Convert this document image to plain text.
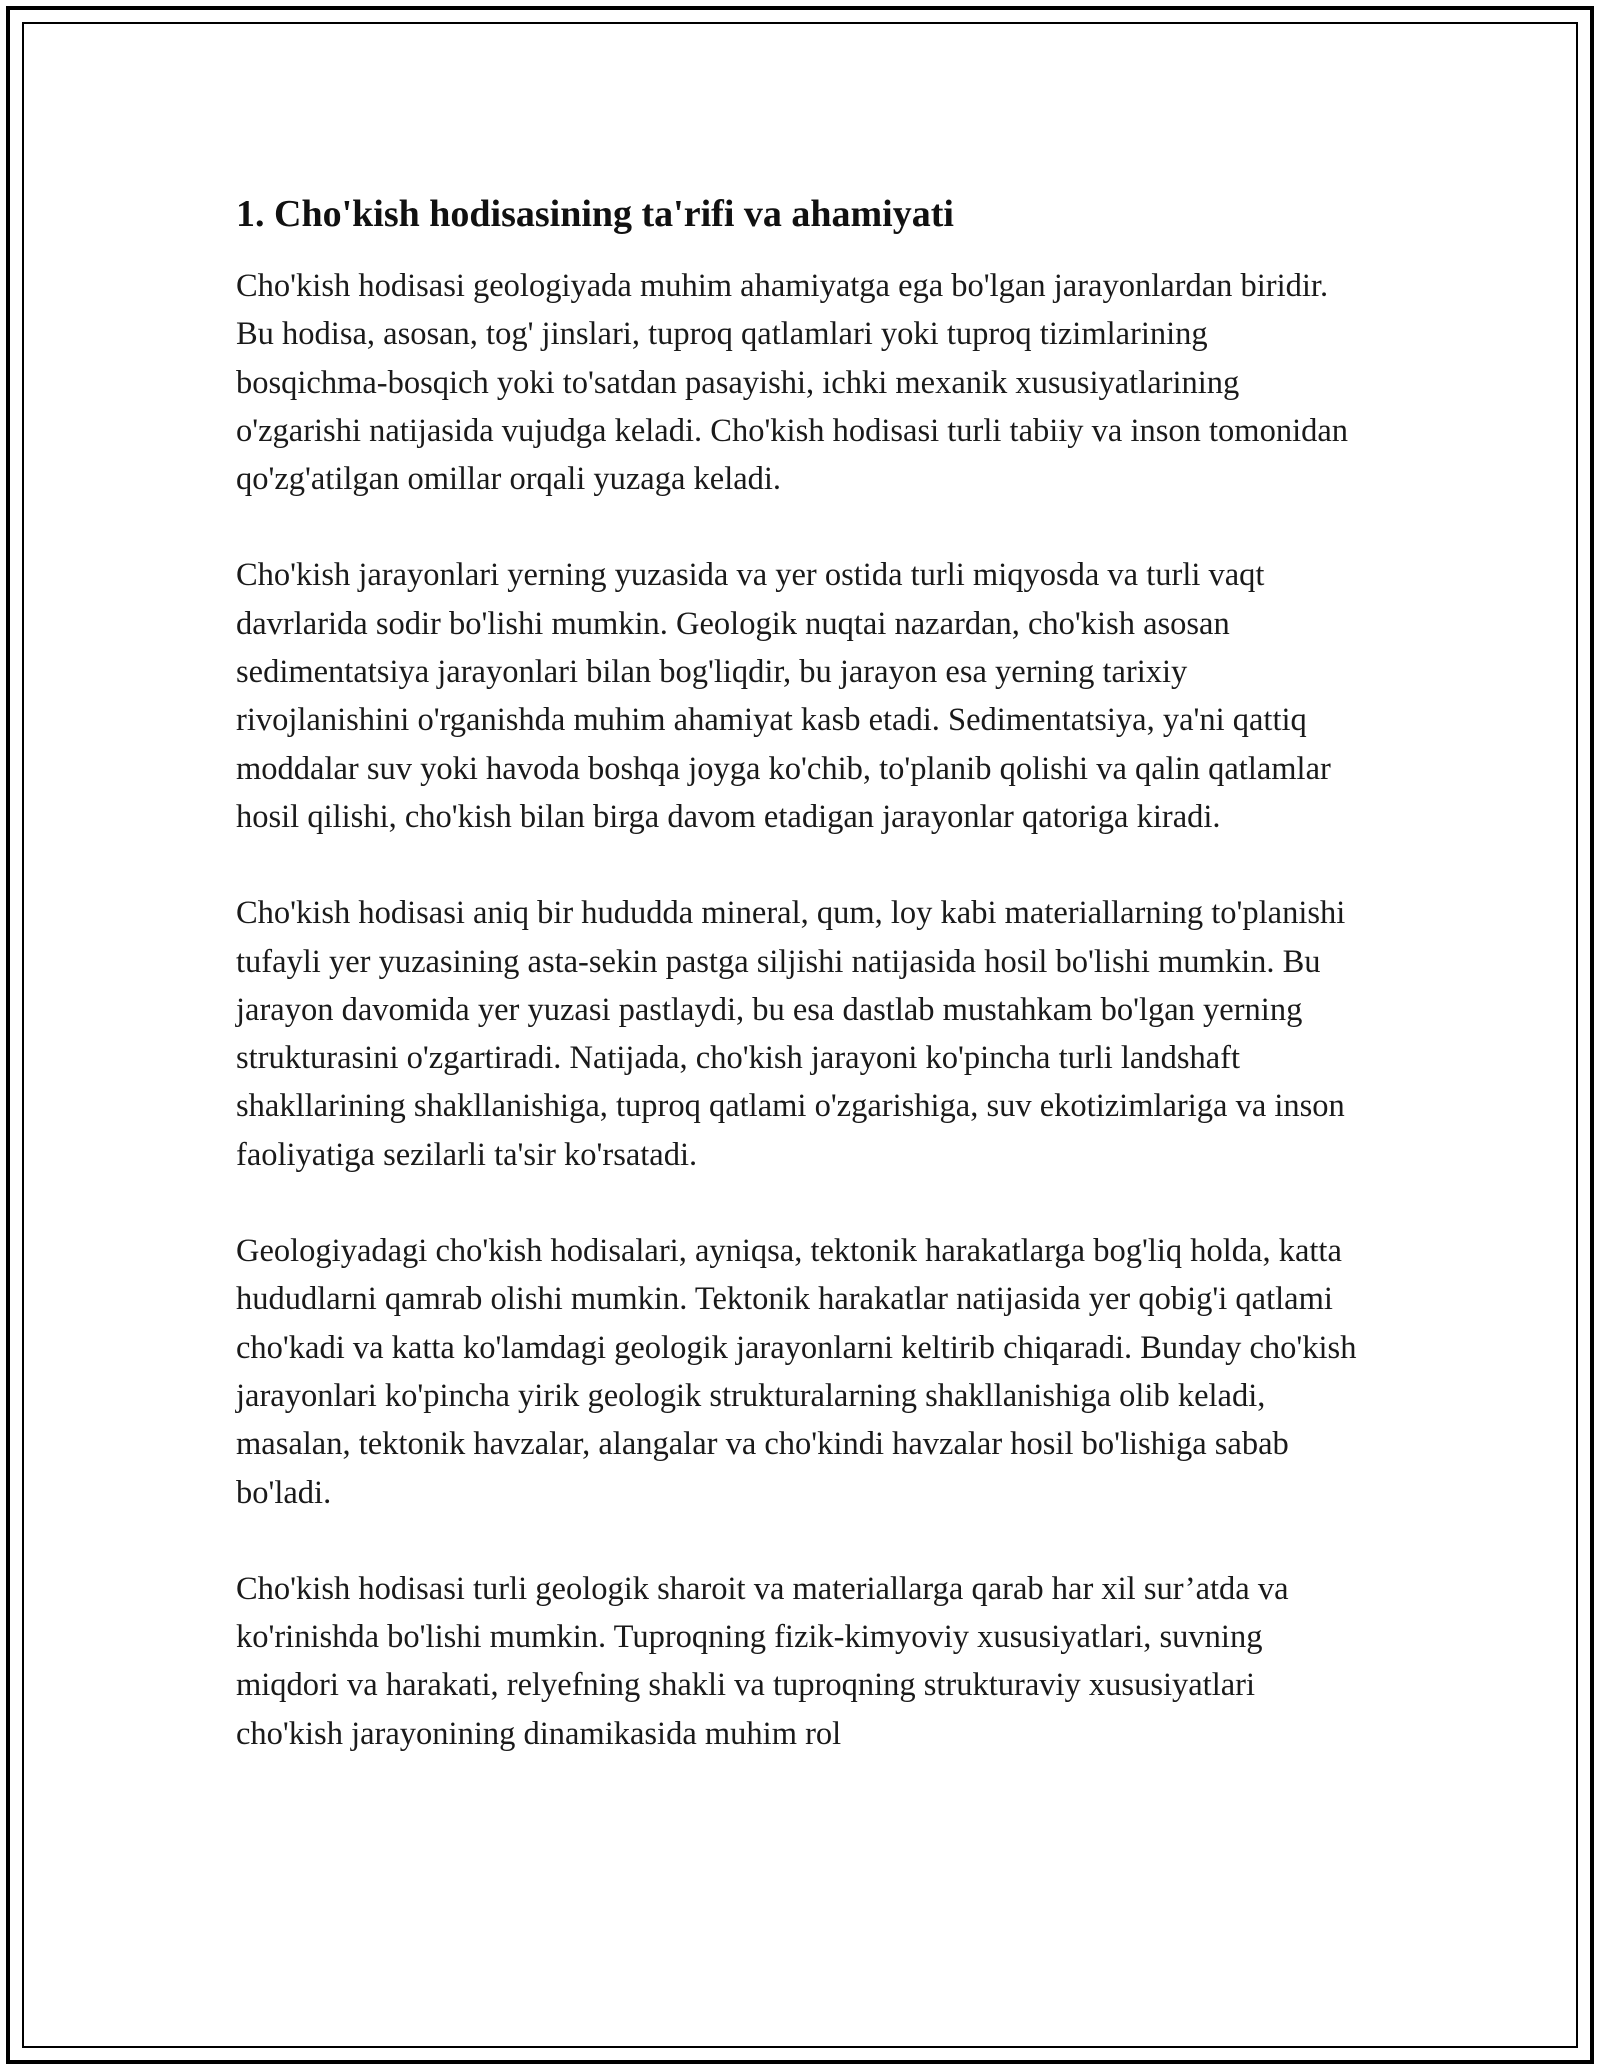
1. Cho'kish hodisasining ta'rifi va ahamiyati

Cho'kish hodisasi geologiyada muhim ahamiyatga ega bo'lgan jarayonlardan biridir. Bu hodisa, asosan, tog' jinslari, tuproq qatlamlari yoki tuproq tizimlarining bosqichma-bosqich yoki to'satdan pasayishi, ichki mexanik xususiyatlarining o'zgarishi natijasida vujudga keladi. Cho'kish hodisasi turli tabiiy va inson tomonidan qo'zg'atilgan omillar orqali yuzaga keladi.

Cho'kish jarayonlari yerning yuzasida va yer ostida turli miqyosda va turli vaqt davrlarida sodir bo'lishi mumkin. Geologik nuqtai nazardan, cho'kish asosan sedimentatsiya jarayonlari bilan bog'liqdir, bu jarayon esa yerning tarixiy rivojlanishini o'rganishda muhim ahamiyat kasb etadi. Sedimentatsiya, ya'ni qattiq moddalar suv yoki havoda boshqa joyga ko'chib, to'planib qolishi va qalin qatlamlar hosil qilishi, cho'kish bilan birga davom etadigan jarayonlar qatoriga kiradi.

Cho'kish hodisasi aniq bir hududda mineral, qum, loy kabi materiallarning to'planishi tufayli yer yuzasining asta-sekin pastga siljishi natijasida hosil bo'lishi mumkin. Bu jarayon davomida yer yuzasi pastlaydi, bu esa dastlab mustahkam bo'lgan yerning strukturasini o'zgartiradi. Natijada, cho'kish jarayoni ko'pincha turli landshaft shakllarining shakllanishiga, tuproq qatlami o'zgarishiga, suv ekotizimlariga va inson faoliyatiga sezilarli ta'sir ko'rsatadi.

Geologiyadagi cho'kish hodisalari, ayniqsa, tektonik harakatlarga bog'liq holda, katta hududlarni qamrab olishi mumkin. Tektonik harakatlar natijasida yer qobig'i qatlami cho'kadi va katta ko'lamdagi geologik jarayonlarni keltirib chiqaradi. Bunday cho'kish jarayonlari ko'pincha yirik geologik strukturalarning shakllanishiga olib keladi, masalan, tektonik havzalar, alangalar va cho'kindi havzalar hosil bo'lishiga sabab bo'ladi.

Cho'kish hodisasi turli geologik sharoit va materiallarga qarab har xil sur’atda va ko'rinishda bo'lishi mumkin. Tuproqning fizik-kimyoviy xususiyatlari, suvning miqdori va harakati, relyefning shakli va tuproqning strukturaviy xususiyatlari cho'kish jarayonining dinamikasida muhim rol
